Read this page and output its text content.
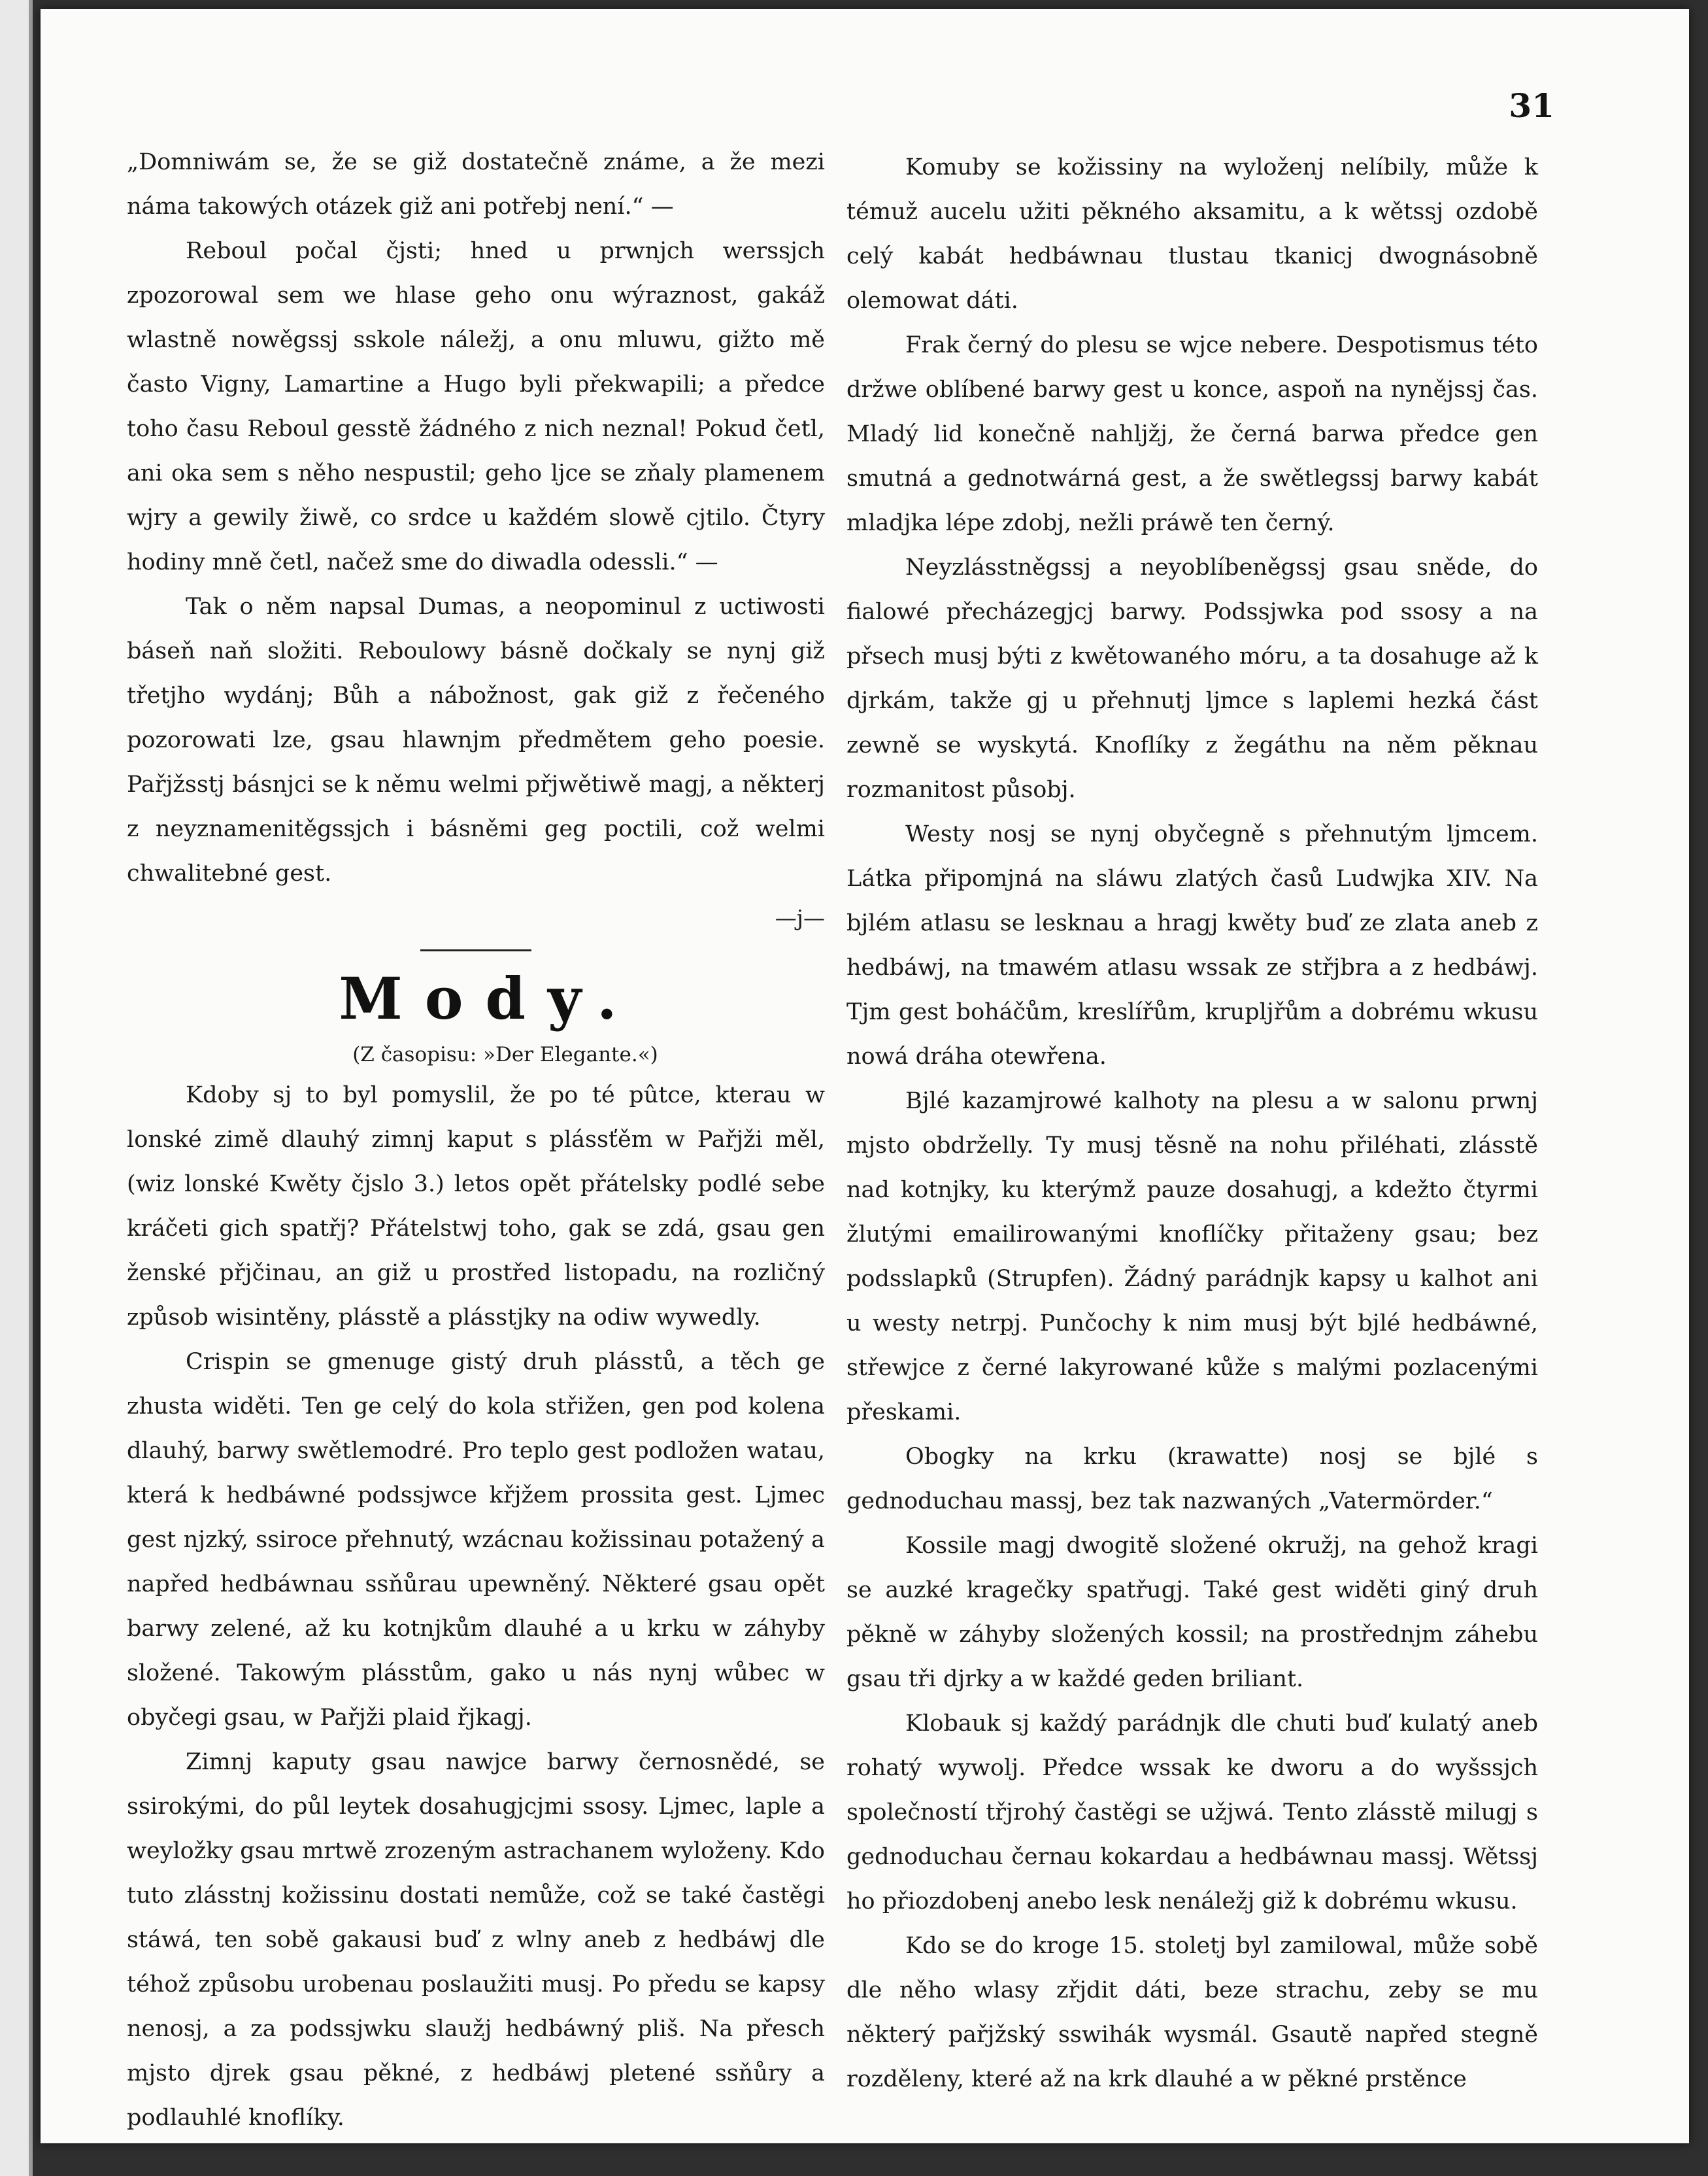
31

„Domniwám se, že se giž dostatečně známe, a že mezi náma takowých otázek giž ani potřebj není.“ —

Reboul počal čjsti; hned u prwnjch werssjch zpozorowal sem we hlase geho onu wýraznost, gakáž wlastně nowěgssj sskole náležj, a onu mluwu, gižto mě často Vigny, Lamartine a Hugo byli překwapili; a předce toho času Reboul gesstě žádného z nich neznal! Pokud četl, ani oka sem s něho nespustil; geho ljce se zňaly plamenem wjry a gewily žiwě, co srdce u každém slowě cjtilo. Čtyry hodiny mně četl, načež sme do diwadla odessli.“ —

Tak o něm napsal Dumas, a neopominul z uctiwosti báseň naň složiti. Reboulowy básně dočkaly se nynj giž třetjho wydánj; Bůh a nábožnost, gak giž z řečeného pozorowati lze, gsau hlawnjm předmětem geho poesie. Pařjžsstj básnjci se k němu welmi přjwětiwě magj, a některj z neyznamenitěgssjch i básněmi geg poctili, což welmi chwalitebné gest.

—j—

Mody.

(Z časopisu: »Der Elegante.«)

Kdoby sj to byl pomyslil, že po té pûtce, kterau w lonské zimě dlauhý zimnj kaput s plássťěm w Pařjži měl, (wiz lonské Kwěty čjslo 3.) letos opět přátelsky podlé sebe kráčeti gich spatřj? Přátelstwj toho, gak se zdá, gsau gen ženské přjčinau, an giž u prostřed listopadu, na rozličný způsob wisintěny, plásstě a plásstjky na odiw wywedly.

Crispin se gmenuge gistý druh plásstů, a těch ge zhusta widěti. Ten ge celý do kola střižen, gen pod kolena dlauhý, barwy swětlemodré. Pro teplo gest podložen watau, která k hedbáwné podssjwce křjžem prossita gest. Ljmec gest njzký, ssiroce přehnutý, wzácnau kožissinau potažený a napřed hedbáwnau ssňůrau upewněný. Některé gsau opět barwy zelené, až ku kotnjkům dlauhé a u krku w záhyby složené. Takowým plásstům, gako u nás nynj wůbec w obyčegi gsau, w Pařjži plaid řjkagj.

Zimnj kaputy gsau nawjce barwy černosnědé, se ssirokými, do půl leytek dosahugjcjmi ssosy. Ljmec, laple a weyložky gsau mrtwě zrozeným astrachanem wyloženy. Kdo tuto zlásstnj kožissinu dostati nemůže, což se také častěgi stáwá, ten sobě gakausi buď z wlny aneb z hedbáwj dle téhož způsobu urobenau poslaužiti musj. Po předu se kapsy nenosj, a za podssjwku slaužj hedbáwný pliš. Na přesch mjsto djrek gsau pěkné, z hedbáwj pletené ssňůry a podlauhlé knoflíky.

Komuby se kožissiny na wyloženj nelíbily, může k témuž aucelu užiti pěkného aksamitu, a k wětssj ozdobě celý kabát hedbáwnau tlustau tkanicj dwognásobně olemowat dáti.

Frak černý do plesu se wjce nebere. Despotismus této držwe oblíbené barwy gest u konce, aspoň na nynějssj čas. Mladý lid konečně nahljžj, že černá barwa předce gen smutná a gednotwárná gest, a že swětlegssj barwy kabát mladjka lépe zdobj, nežli práwě ten černý.

Neyzlásstněgssj a neyoblíbeněgssj gsau sněde, do fialowé přecházegjcj barwy. Podssjwka pod ssosy a na přsech musj býti z kwětowaného móru, a ta dosahuge až k djrkám, takže gj u přehnutj ljmce s laplemi hezká část zewně se wyskytá. Knoflíky z žegáthu na něm pěknau rozmanitost působj.

Westy nosj se nynj obyčegně s přehnutým ljmcem. Látka připomjná na sláwu zlatých časů Ludwjka XIV. Na bjlém atlasu se lesknau a hragj kwěty buď ze zlata aneb z hedbáwj, na tmawém atlasu wssak ze střjbra a z hedbáwj. Tjm gest boháčům, kreslířům, krupljřům a dobrému wkusu nowá dráha otewřena.

Bjlé kazamjrowé kalhoty na plesu a w salonu prwnj mjsto obdrželly. Ty musj těsně na nohu přiléhati, zlásstě nad kotnjky, ku kterýmž pauze dosahugj, a kdežto čtyrmi žlutými emailirowanými knoflíčky přitaženy gsau; bez podsslapků (Strupfen). Žádný parádnjk kapsy u kalhot ani u westy netrpj. Punčochy k nim musj být bjlé hedbáwné, střewjce z černé lakyrowané kůže s malými pozlacenými přeskami.

Obogky na krku (krawatte) nosj se bjlé s gednoduchau massj, bez tak nazwaných „Vatermörder.“

Kossile magj dwogitě složené okružj, na gehož kragi se auzké kragečky spatřugj. Také gest widěti giný druh pěkně w záhyby složených kossil; na prostřednjm záhebu gsau tři djrky a w každé geden briliant.

Klobauk sj každý parádnjk dle chuti buď kulatý aneb rohatý wywolj. Předce wssak ke dworu a do wyšssjch společností třjrohý častěgi se užjwá. Tento zlásstě milugj s gednoduchau černau kokardau a hedbáwnau massj. Wětssj ho přiozdobenj anebo lesk nenáležj giž k dobrému wkusu.

Kdo se do kroge 15. stoletj byl zamilowal, může sobě dle něho wlasy zřjdit dáti, beze strachu, zeby se mu některý pařjžský sswihák wysmál. Gsautě napřed stegně rozděleny, které až na krk dlauhé a w pěkné prstěnce
